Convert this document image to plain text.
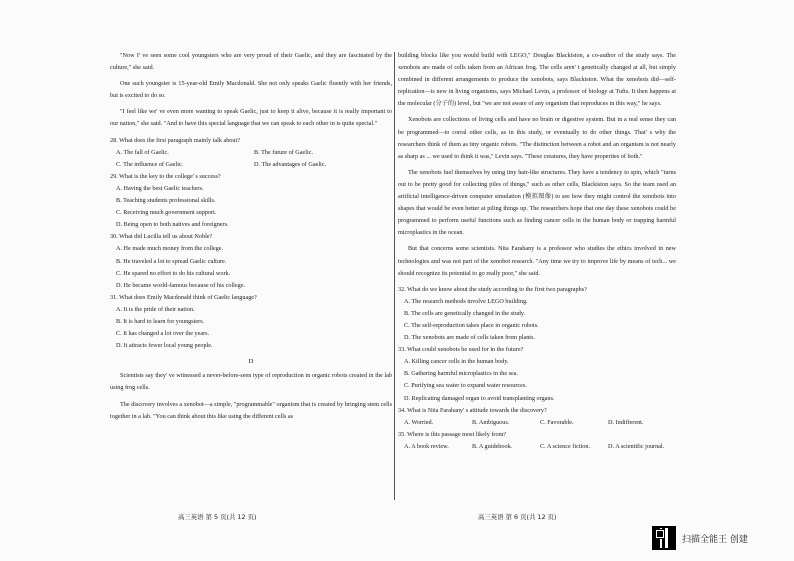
"Now I' ve seen some cool youngsters who are very proud of their Gaelic, and they are fascinated by the culture," she said.

One such youngster is 15-year-old Emily Macdonald. She not only speaks Gaelic fluently with her friends, but is excited to do so.

"I feel like we' ve even more wanting to speak Gaelic, just to keep it alive, because it is really important to our nation," she said. "And to have this special language that we can speak to each other in is quite special."

28. What does the first paragraph mainly talk about?

A. The fall of Gaelic.	B. The future of Gaelic.
C. The influence of Gaelic.	D. The advantages of Gaelic.

29. What is the key to the college' s success?

A. Having the best Gaelic teachers.

B. Teaching students professional skills.

C. Receiving much government support.

D. Being open to both natives and foreigners.

30. What did Lucilla tell us about Noble?

A. He made much money from the college.

B. He traveled a lot to spread Gaelic culture.

C. He spared no effort to do his cultural work.

D. He became world-famous because of his college.

31. What does Emily Macdonald think of Gaelic language?

A. It is the pride of their nation.

B. It is hard to learn for youngsters.

C. It has changed a lot over the years.

D. It attracts fewer local young people.

D

Scientists say they' ve witnessed a never-before-seen type of reproduction in organic robots created in the lab using frog cells.

The discovery involves a xenobot—a simple, "programmable" organism that is created by bringing stem cells together in a lab. "You can think about this like using the different cells as

building blocks like you would build with LEGO," Douglas Blackiston, a co-author of the study says. The xenobots are made of cells taken from an African frog. The cells aren' t genetically changed at all, but simply combined in different arrangements to produce the xenobots, says Blackiston. What the xenobots did—self-replication—is new in living organisms, says Michael Levin, a professor of biology at Tufts. It then happens at the molecular (分子的) level, but "we are not aware of any organism that reproduces in this way," he says.

Xenobots are collections of living cells and have no brain or digestive system. But in a real sense they can be programmed—to corral other cells, as in this study, or eventually to do other things. That' s why the researchers think of them as tiny organic robots. "The distinction between a robot and an organism is not nearly as sharp as ... we used to think it was," Levin says. "These creatures, they have properties of both."

The xenobots fuel themselves by using tiny hair-like structures. They have a tendency to spin, which "turns out to be pretty good for collecting piles of things," such as other cells, Blackiston says. So the team used an artificial intelligence-driven computer simulation (模拟图像) to see how they might control the xenobots into shapes that would be even better at piling things up. The researchers hope that one day these xenobots could be programmed to perform useful functions such as finding cancer cells in the human body or trapping harmful microplastics in the ocean.

But that concerns some scientists. Nita Farahany is a professor who studies the ethics involved in new technologies and was not part of the xenobot research. "Any time we try to improve life by means of tech... we should recognize its potential to go really poor," she said.

32. What do we know about the study according to the first two paragraphs?

A. The research methods involve LEGO building.

B. The cells are genetically changed in the study.

C. The self-reproduction takes place in organic robots.

D. The xenobots are made of cells taken from plants.

33. What could xenobots be used for in the future?

A. Killing cancer cells in the human body.

B. Gathering harmful microplastics in the sea.

C. Purifying sea water to expand water resources.

D. Replicating damaged organ to avoid transplanting organs.

34. What is Nita Farahany' s attitude towards the discovery?

A. Worried.	B. Ambiguous.	C. Favorable.	D. Indifferent.

35. Where is this passage most likely from?

A. A book review.	B. A guidebook.	C. A science fiction.	D. A scientific journal.
高三英语 第 5 页(共 12 页)	高三英语 第 6 页(共 12 页)
扫描全能王 创建
